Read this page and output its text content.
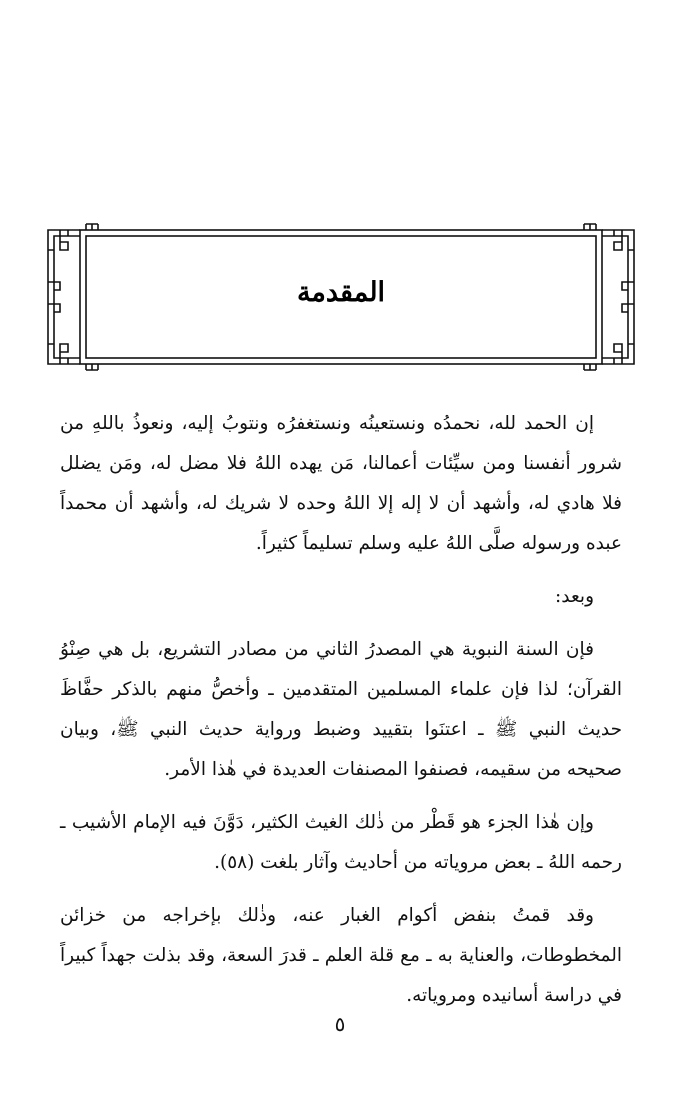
المقدمة

إن الحمد لله، نحمدُه ونستعينُه ونستغفرُه ونتوبُ إليه، ونعوذُ باللهِ من شرور أنفسنا ومن سيِّئات أعمالنا، مَن يهده اللهُ فلا مضل له، ومَن يضلل فلا هادي له، وأشهد أن لا إله إلا اللهُ وحده لا شريك له، وأشهد أن محمداً عبده ورسوله صلَّى اللهُ عليه وسلم تسليماً كثيراً.

وبعد:

فإن السنة النبوية هي المصدرُ الثاني من مصادر التشريع، بل هي صِنْوُ القرآن؛ لذا فإن علماء المسلمين المتقدمين ـ وأخصُّ منهم بالذكر حفَّاظَ حديث النبي ﷺ ـ اعتنَوا بتقييد وضبط ورواية حديث النبي ﷺ، وبيان صحيحه من سقيمه، فصنفوا المصنفات العديدة في هٰذا الأمر.

وإن هٰذا الجزء هو قَطْر من ذٰلك الغيث الكثير، دَوَّنَ فيه الإمام الأشيب ـ رحمه اللهُ ـ بعض مروياته من أحاديث وآثار بلغت (٥٨).

وقد قمتُ بنفض أكوام الغبار عنه، وذٰلك بإخراجه من خزائن المخطوطات، والعناية به ـ مع قلة العلم ـ قدرَ السعة، وقد بذلت جهداً كبيراً في دراسة أسانيده ومروياته.

٥
